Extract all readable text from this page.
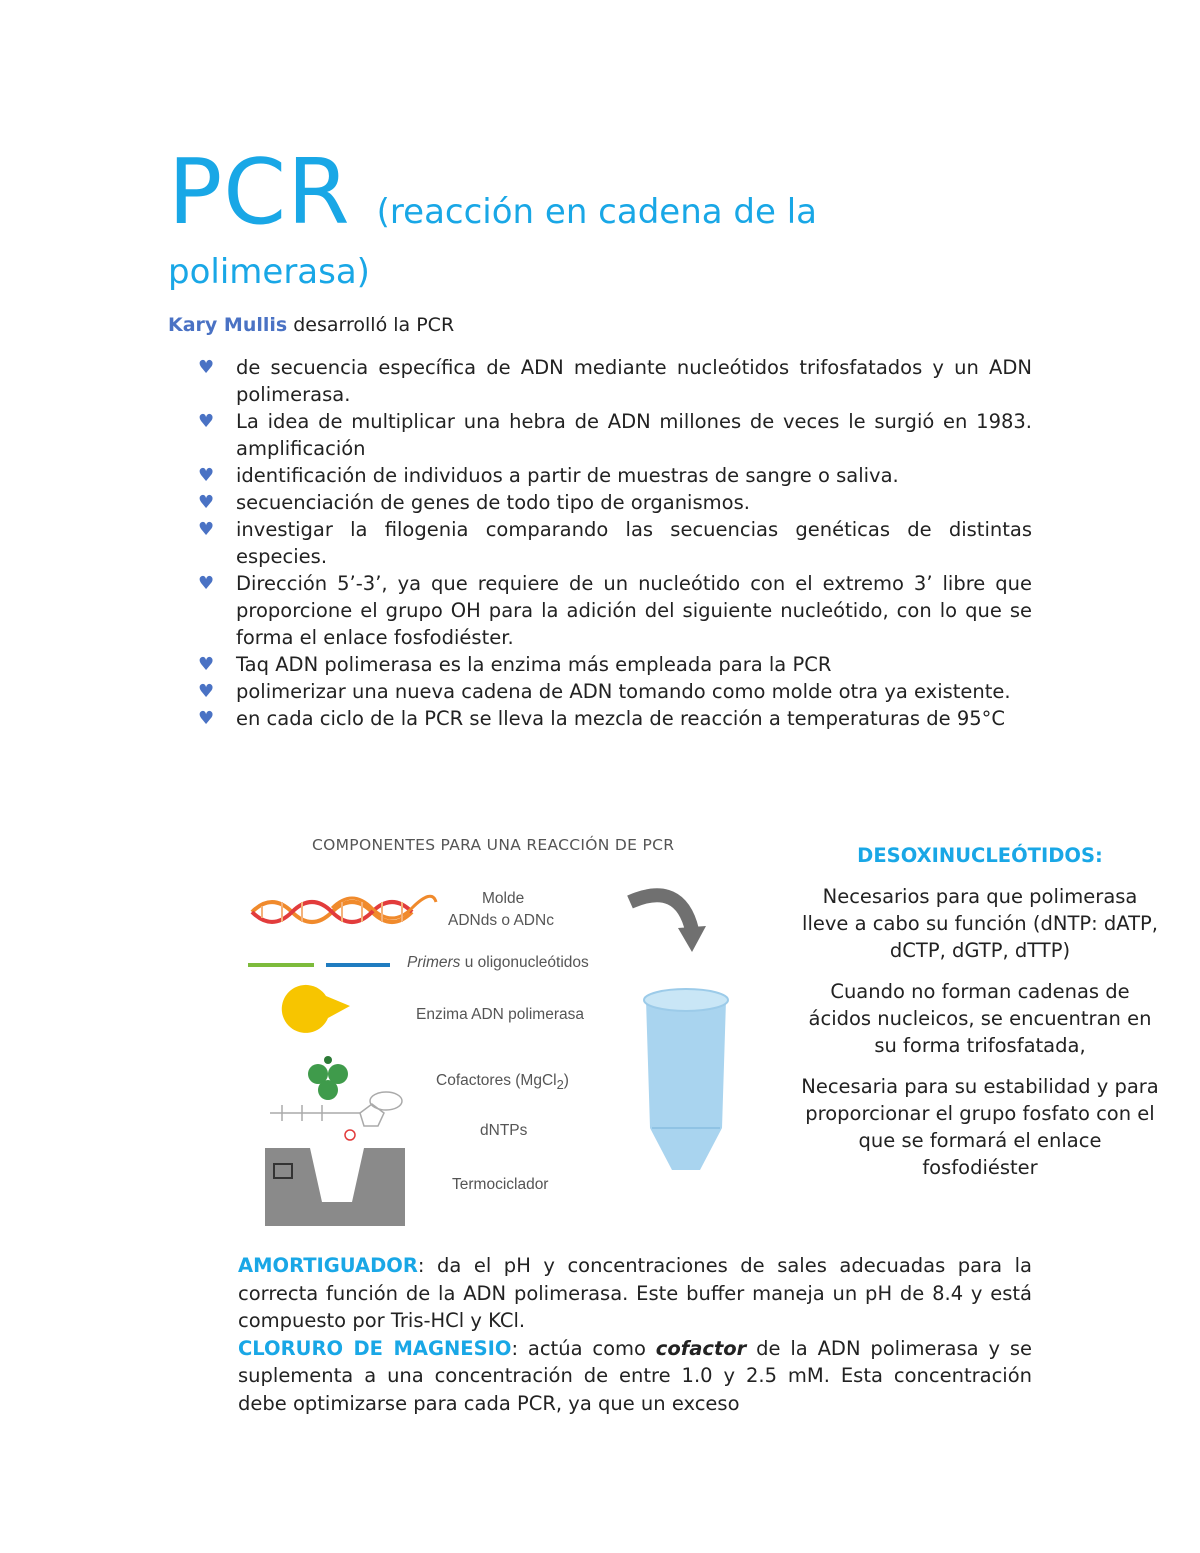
PCR (reacción en cadena de la
polimerasa)
Kary Mullis desarrolló la PCR
♥ de secuencia específica de ADN mediante nucleótidos trifosfatados y un ADN polimerasa.
♥ La idea de multiplicar una hebra de ADN millones de veces le surgió en 1983. amplificación
♥ identificación de individuos a partir de muestras de sangre o saliva.
♥ secuenciación de genes de todo tipo de organismos.
♥ investigar la filogenia comparando las secuencias genéticas de distintas especies.
♥ Dirección 5’-3’, ya que requiere de un nucleótido con el extremo 3’ libre que proporcione el grupo OH para la adición del siguiente nucleótido, con lo que se forma el enlace fosfodiéster.
♥ Taq ADN polimerasa es la enzima más empleada para la PCR
♥ polimerizar una nueva cadena de ADN tomando como molde otra ya existente.
♥ en cada ciclo de la PCR se lleva la mezcla de reacción a temperaturas de 95°C
COMPONENTES PARA UNA REACCIÓN DE PCR
Molde
ADNds o ADNc
Primers u oligonucleótidos
Enzima ADN polimerasa
Cofactores (MgCl$_2$)
dNTPs
Termociclador
DESOXINUCLEÓTIDOS:

Necesarios para que polimerasa lleve a cabo su función (dNTP: dATP, dCTP, dGTP, dTTP)

Cuando no forman cadenas de ácidos nucleicos, se encuentran en su forma trifosfatada,

Necesaria para su estabilidad y para proporcionar el grupo fosfato con el que se formará el enlace fosfodiéster

AMORTIGUADOR: da el pH y concentraciones de sales adecuadas para la correcta función de la ADN polimerasa. Este buffer maneja un pH de 8.4 y está compuesto por Tris-HCl y KCl.

CLORURO DE MAGNESIO: actúa como cofactor de la ADN polimerasa y se suplementa a una concentración de entre 1.0 y 2.5 mM. Esta concentración debe optimizarse para cada PCR, ya que un exceso
